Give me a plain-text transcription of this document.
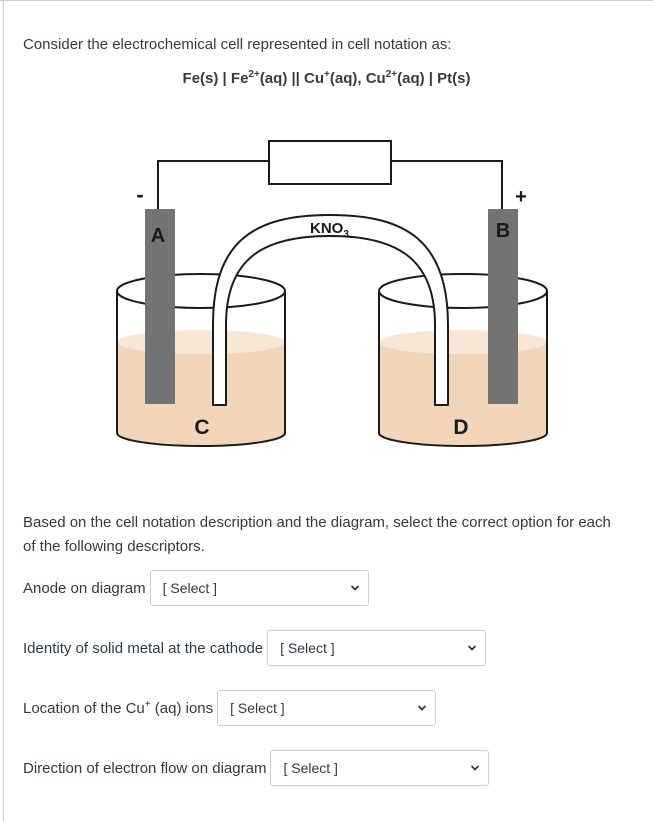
Consider the electrochemical cell represented in cell notation as:
Fe(s) | $Fe^{2+}(aq)$ || Cu+(aq), $Cu^{2+}(aq)$ | Pt(s)
-	+
A	B
$KNO_3$
C	D
Based on the cell notation description and the diagram, select the correct option for each of the following descriptors.
Anode on diagram [ Select ]
Identity of solid metal at the cathode [ Select ]
Location of the Cu+ (aq) ions [ Select ]
Direction of electron flow on diagram [ Select ]
